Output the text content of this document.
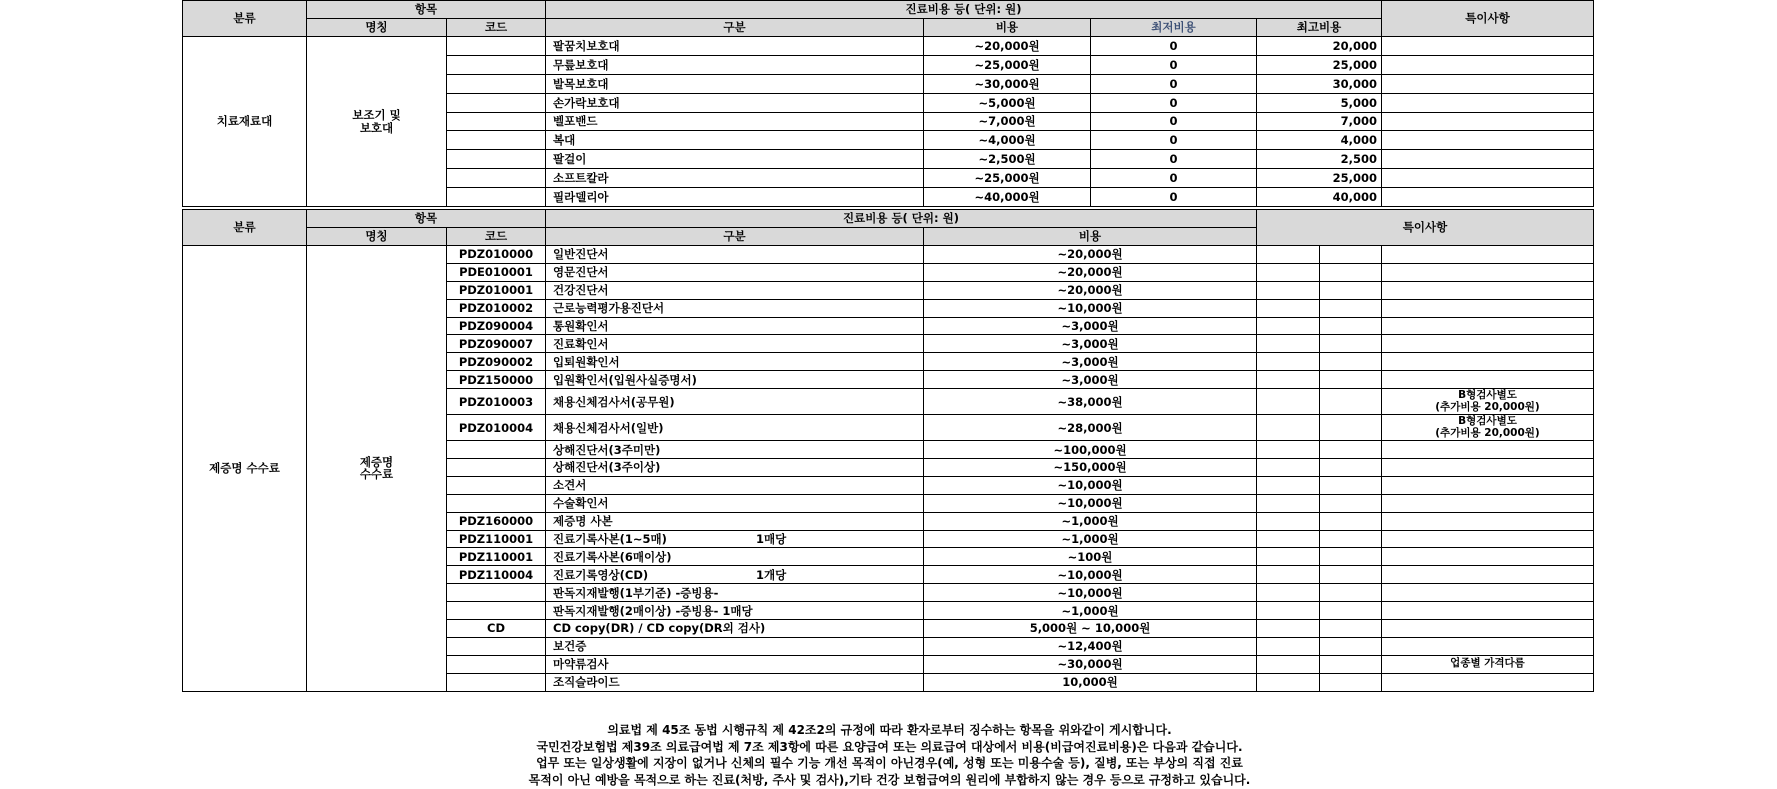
분류	항목		진료비용 등( 단위: 원)				특이사항
	명칭	코드	구분	비용	최저비용	최고비용	
치료재료대	보조기 및
보호대		팔꿈치보호대	~20,000원	0	20,000	
			무릎보호대	~25,000원	0	25,000	
			발목보호대	~30,000원	0	30,000	
			손가락보호대	~5,000원	0	5,000	
			벨포밴드	~7,000원	0	7,000	
			복대	~4,000원	0	4,000	
			팔걸이	~2,500원	0	2,500	
			소프트칼라	~25,000원	0	25,000	
			필라델리아	~40,000원	0	40,000	
분류	항목		진료비용 등( 단위: 원)		특이사항		
	명칭	코드	구분	비용			
제증명 수수료	제증명
수수료	PDZ010000	일반진단서	~20,000원			
		PDE010001	영문진단서	~20,000원			
		PDZ010001	건강진단서	~20,000원			
		PDZ010002	근로능력평가용진단서	~10,000원			
		PDZ090004	통원확인서	~3,000원			
		PDZ090007	진료확인서	~3,000원			
		PDZ090002	입퇴원확인서	~3,000원			
		PDZ150000	입원확인서(입원사실증명서)	~3,000원			
		PDZ010003	채용신체검사서(공무원)	~38,000원			B형검사별도
(추가비용 20,000원)
		PDZ010004	채용신체검사서(일반)	~28,000원			B형검사별도
(추가비용 20,000원)
			상해진단서(3주미만)	~100,000원			
			상해진단서(3주이상)	~150,000원			
			소견서	~10,000원			
			수술확인서	~10,000원			
		PDZ160000	제증명 사본	~1,000원			
		PDZ110001	진료기록사본(1~5매) 1매당	~1,000원			
		PDZ110001	진료기록사본(6매이상)	~100원			
		PDZ110004	진료기록영상(CD) 1개당	~10,000원			
			판독지재발행(1부기준) -증빙용-	~10,000원			
			판독지재발행(2매이상) -증빙용- 1매당	~1,000원			
		CD	CD copy(DR) / CD copy(DR외 검사)	5,000원 ~ 10,000원			
			보건증	~12,400원			
			마약류검사	~30,000원			업종별 가격다름
			조직슬라이드	10,000원			
의료법 제 45조 동법 시행규칙 제 42조2의 규정에 따라 환자로부터 징수하는 항목을 위와같이 게시합니다.
국민건강보험법 제39조 의료급여법 제 7조 제3항에 따른 요양급여 또는 의료급여 대상에서 비용(비급여진료비용)은 다음과 같습니다.
업무 또는 일상생활에 지장이 없거나 신체의 필수 기능 개선 목적이 아닌경우(예, 성형 또는 미용수술 등), 질병, 또는 부상의 직접 진료
목적이 아닌 예방을 목적으로 하는 진료(처방, 주사 및 검사),기타 건강 보험급여의 원리에 부합하지 않는 경우 등으로 규정하고 있습니다.
